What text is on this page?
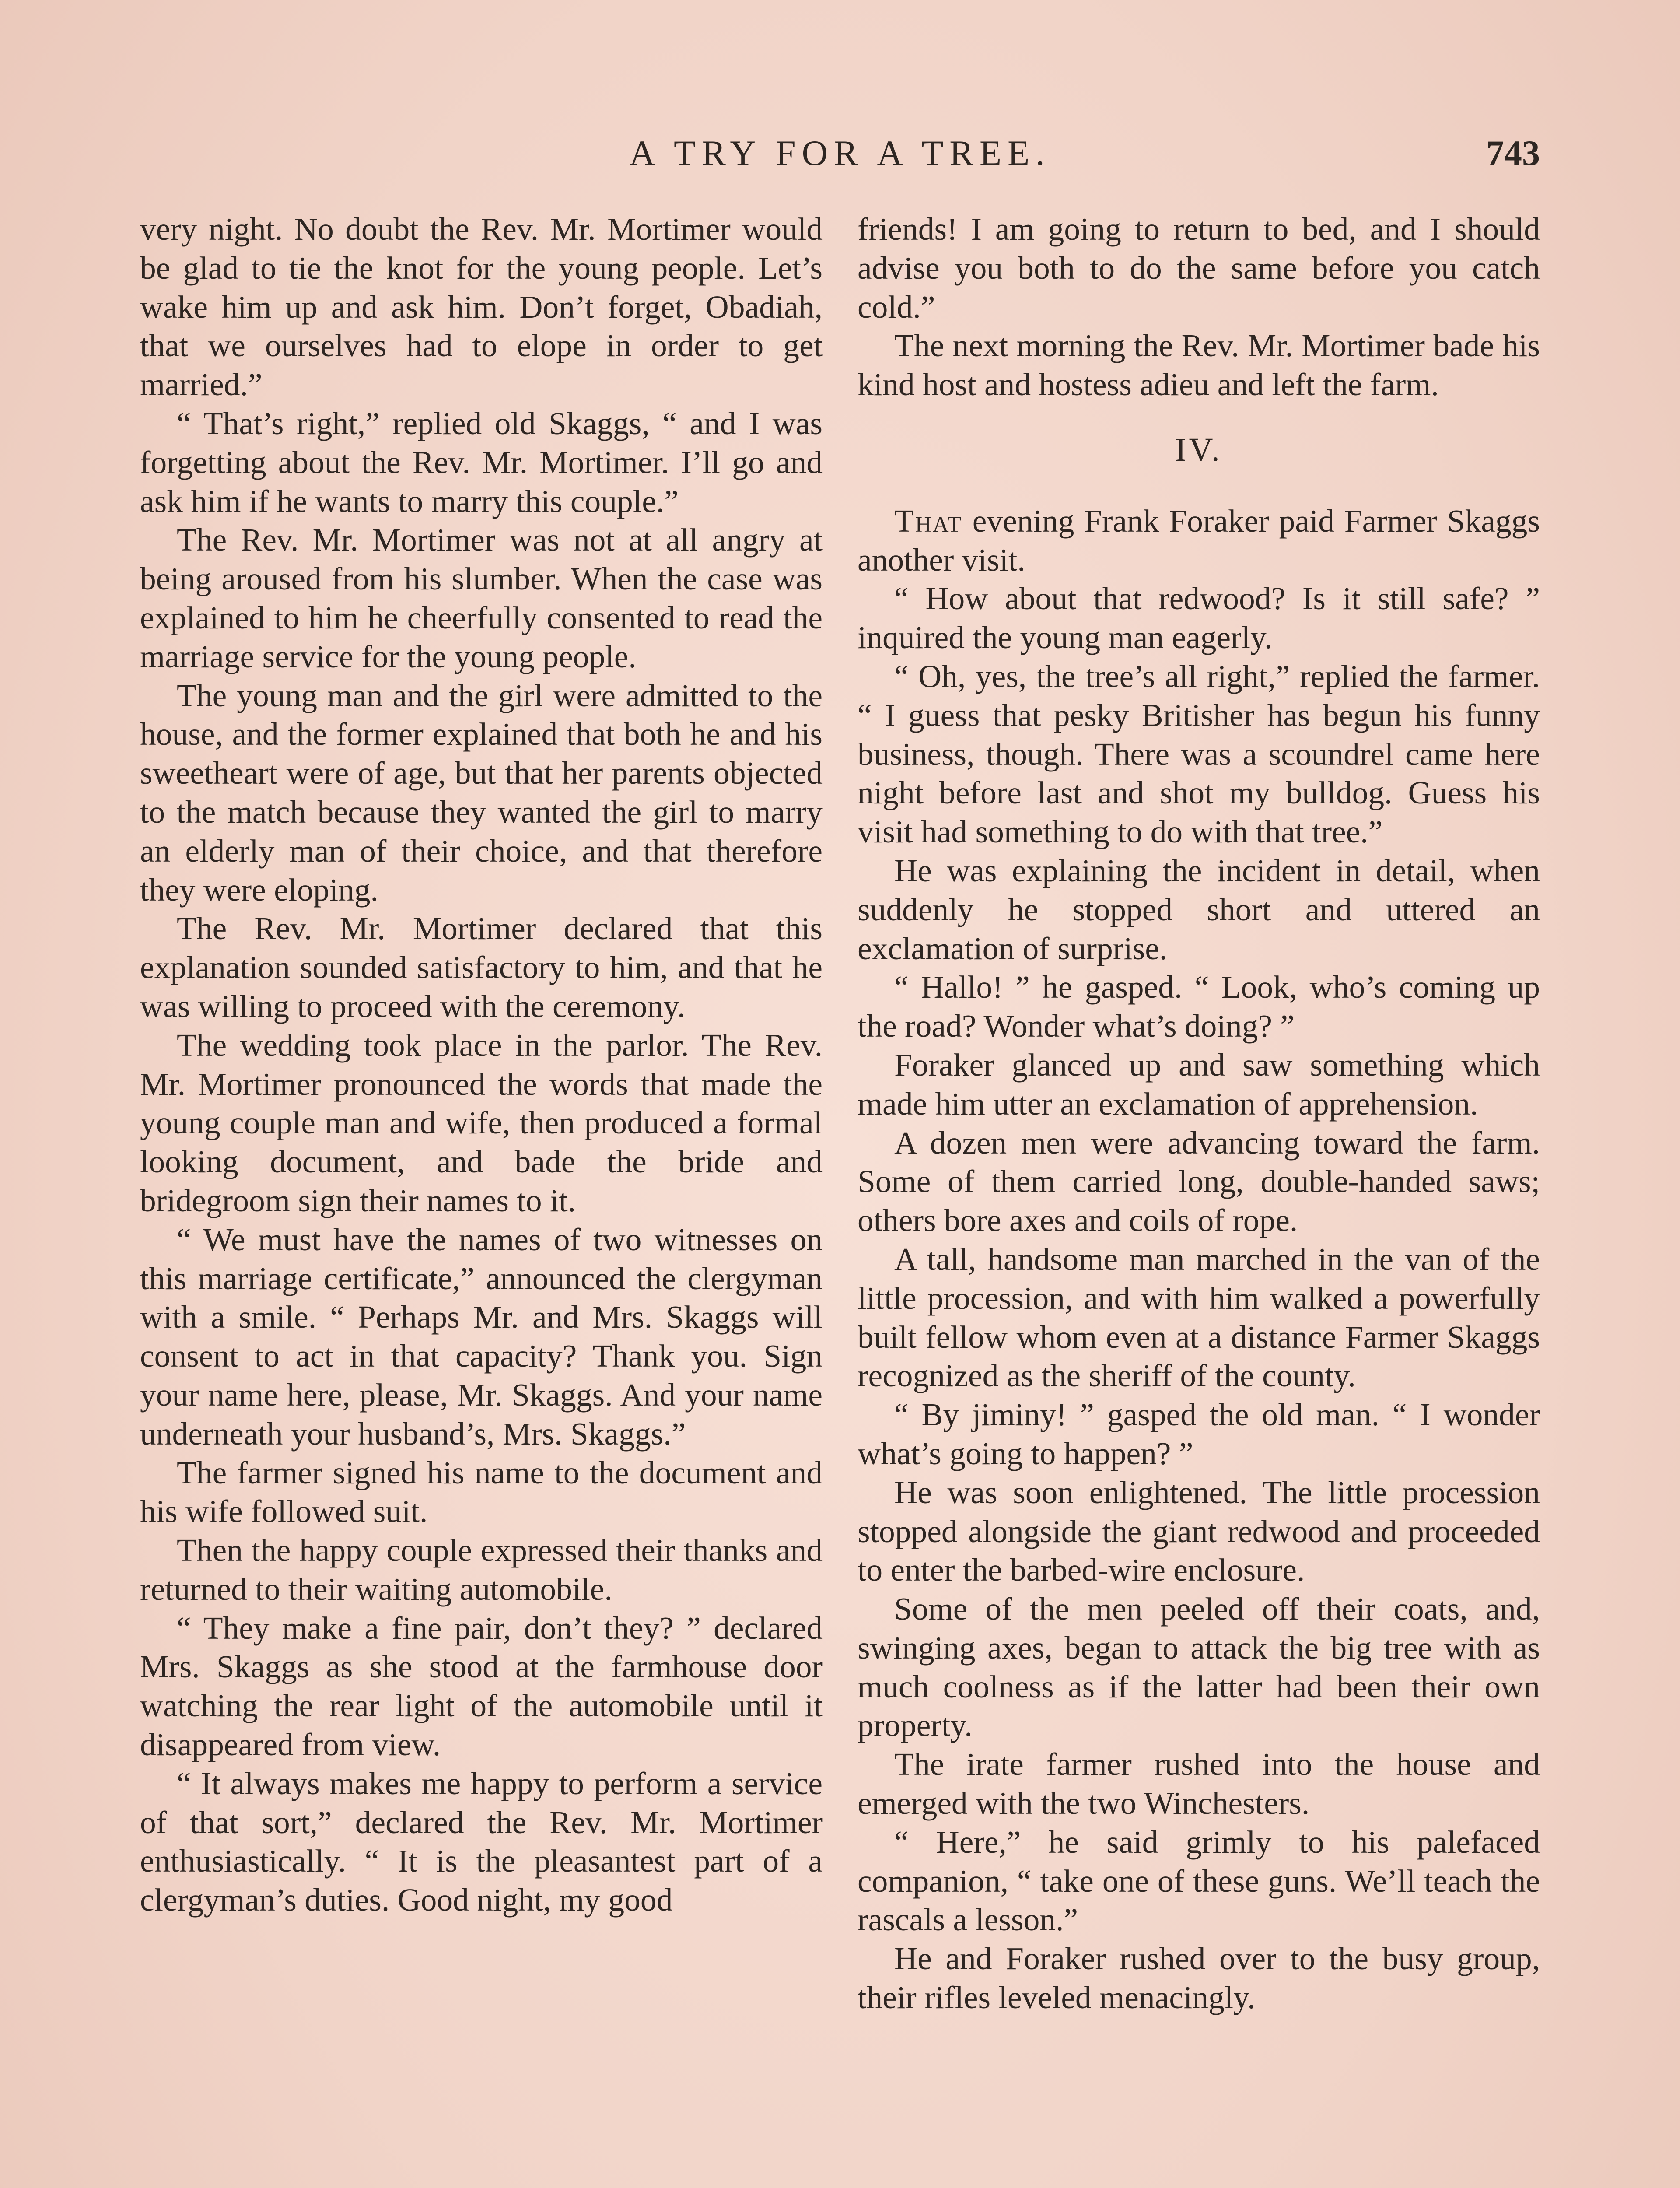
A TRY FOR A TREE.	743

very night. No doubt the Rev. Mr. Mortimer would be glad to tie the knot for the young people. Let’s wake him up and ask him. Don’t forget, Obadiah, that we ourselves had to elope in order to get married.”

“ That’s right,” replied old Skaggs, “ and I was forgetting about the Rev. Mr. Mortimer. I’ll go and ask him if he wants to marry this couple.”

The Rev. Mr. Mortimer was not at all angry at being aroused from his slumber. When the case was explained to him he cheerfully consented to read the marriage service for the young people.

The young man and the girl were admitted to the house, and the former explained that both he and his sweetheart were of age, but that her parents objected to the match because they wanted the girl to marry an elderly man of their choice, and that therefore they were eloping.

The Rev. Mr. Mortimer declared that this explanation sounded satisfactory to him, and that he was willing to proceed with the ceremony.

The wedding took place in the parlor. The Rev. Mr. Mortimer pronounced the words that made the young couple man and wife, then produced a formal looking document, and bade the bride and bridegroom sign their names to it.

“ We must have the names of two witnesses on this marriage certificate,” announced the clergyman with a smile. “ Perhaps Mr. and Mrs. Skaggs will consent to act in that capacity? Thank you. Sign your name here, please, Mr. Skaggs. And your name underneath your husband’s, Mrs. Skaggs.”

The farmer signed his name to the document and his wife followed suit.

Then the happy couple expressed their thanks and returned to their waiting automobile.

“ They make a fine pair, don’t they? ” declared Mrs. Skaggs as she stood at the farmhouse door watching the rear light of the automobile until it disappeared from view.

“ It always makes me happy to perform a service of that sort,” declared the Rev. Mr. Mortimer enthusiastically. “ It is the pleasantest part of a clergyman’s duties. Good night, my good

friends! I am going to return to bed, and I should advise you both to do the same before you catch cold.”

The next morning the Rev. Mr. Mortimer bade his kind host and hostess adieu and left the farm.

IV.

That evening Frank Foraker paid Farmer Skaggs another visit.

“ How about that redwood? Is it still safe? ” inquired the young man eagerly.

“ Oh, yes, the tree’s all right,” replied the farmer. “ I guess that pesky Britisher has begun his funny business, though. There was a scoundrel came here night before last and shot my bulldog. Guess his visit had something to do with that tree.”

He was explaining the incident in detail, when suddenly he stopped short and uttered an exclamation of surprise.

“ Hallo! ” he gasped. “ Look, who’s coming up the road? Wonder what’s doing? ”

Foraker glanced up and saw something which made him utter an exclamation of apprehension.

A dozen men were advancing toward the farm. Some of them carried long, double-handed saws; others bore axes and coils of rope.

A tall, handsome man marched in the van of the little procession, and with him walked a powerfully built fellow whom even at a distance Farmer Skaggs recognized as the sheriff of the county.

“ By jiminy! ” gasped the old man. “ I wonder what’s going to happen? ”

He was soon enlightened. The little procession stopped alongside the giant redwood and proceeded to enter the barbed-wire enclosure.

Some of the men peeled off their coats, and, swinging axes, began to attack the big tree with as much coolness as if the latter had been their own property.

The irate farmer rushed into the house and emerged with the two Winchesters.

“ Here,” he said grimly to his palefaced companion, “ take one of these guns. We’ll teach the rascals a lesson.”

He and Foraker rushed over to the busy group, their rifles leveled menacingly.
